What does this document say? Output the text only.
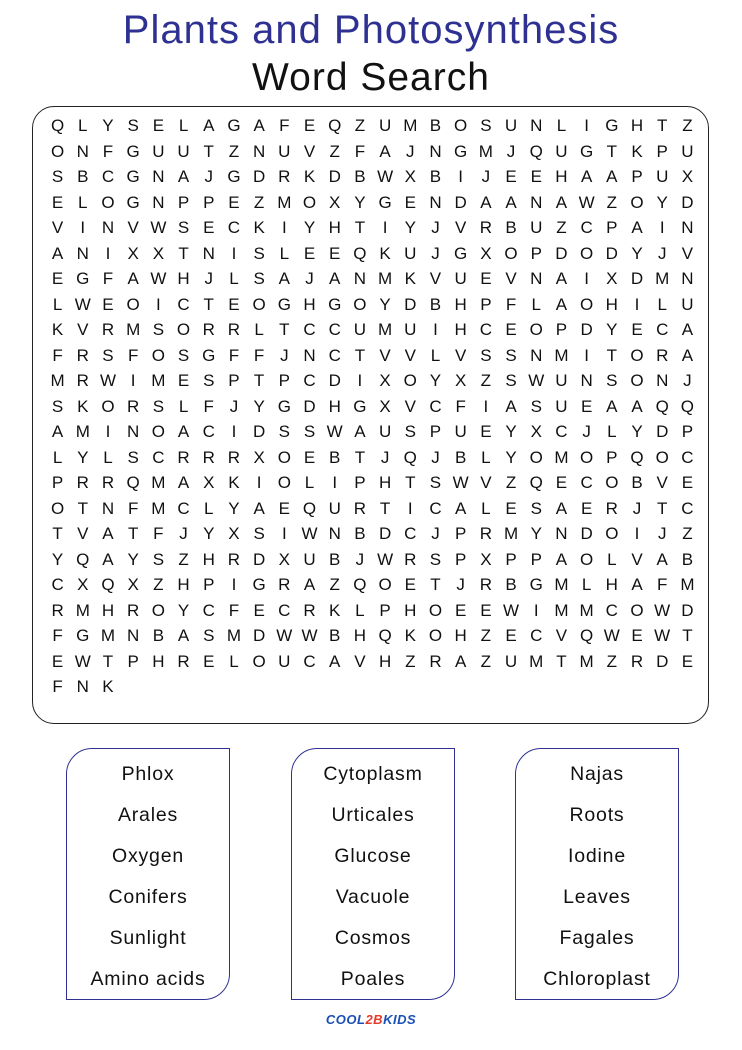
Plants and Photosynthesis
Word Search
Q L Y S E L A G A F E Q Z U M B O S U N L	I G H T Z
O N F G U U T Z N U V Z F A J N G M J Q U G T K P U
S B C G N A J G D R K D B W X B	I	J E E H A A P U X
E L O G N P P E Z M O X Y G E N D A A N A W Z O Y D
V	I N V W S E C K	I	Y H T	I	Y J V R B U Z C P A	I N
A N I	X X T N I	S L E E Q K U J G X O P D O D Y J V
E G F A W H J L S A J A N M K V U E V N A	I	X D M N
L W E O I C T E O G H G O Y D B H P F L A O H I	L U
K V R M S O R R L T C C U M U I H C E O P D Y E C A
F R S F O S G F F J N C T V V L V S S N M I	T O R A
M R W I M E S P T P C D I	X O Y X Z S W U N S O N J
S K O R S L F J Y G D H G X V C F	I	A S U E A A Q Q
A M I N O A C I D S S W A U S P U E Y X C J L Y D P
L Y L S C R R R X O E B T J Q J B L Y O M O P Q O C
P R R Q M A X K	I O L	I	P H T S W V Z Q E C O B V E
O T N F M C L Y A E Q U R T	I C A L E S A E R J T C
T V A T F J Y X S	I W N B D C J P R M Y N D O I	J Z
Y Q A Y S Z H R D X U B J W R S P X P P A O L V A B
C X Q X Z H P	I G R A Z Q O E T J R B G M L H A F M
R M H R O Y C F E C R K L P H O E E W I M M C O W D
F G M N B A S M D W W B H Q K O H Z E C V Q W E W T
E W T P H R E L O U C A V H Z R A Z U M T M Z R D E
F N K
Phlox
Arales
Oxygen
Conifers
Sunlight
Amino acids
Cytoplasm
Urticales
Glucose
Vacuole
Cosmos
Poales
Najas
Roots
Iodine
Leaves
Fagales
Chloroplast
COOL2BKIDS
